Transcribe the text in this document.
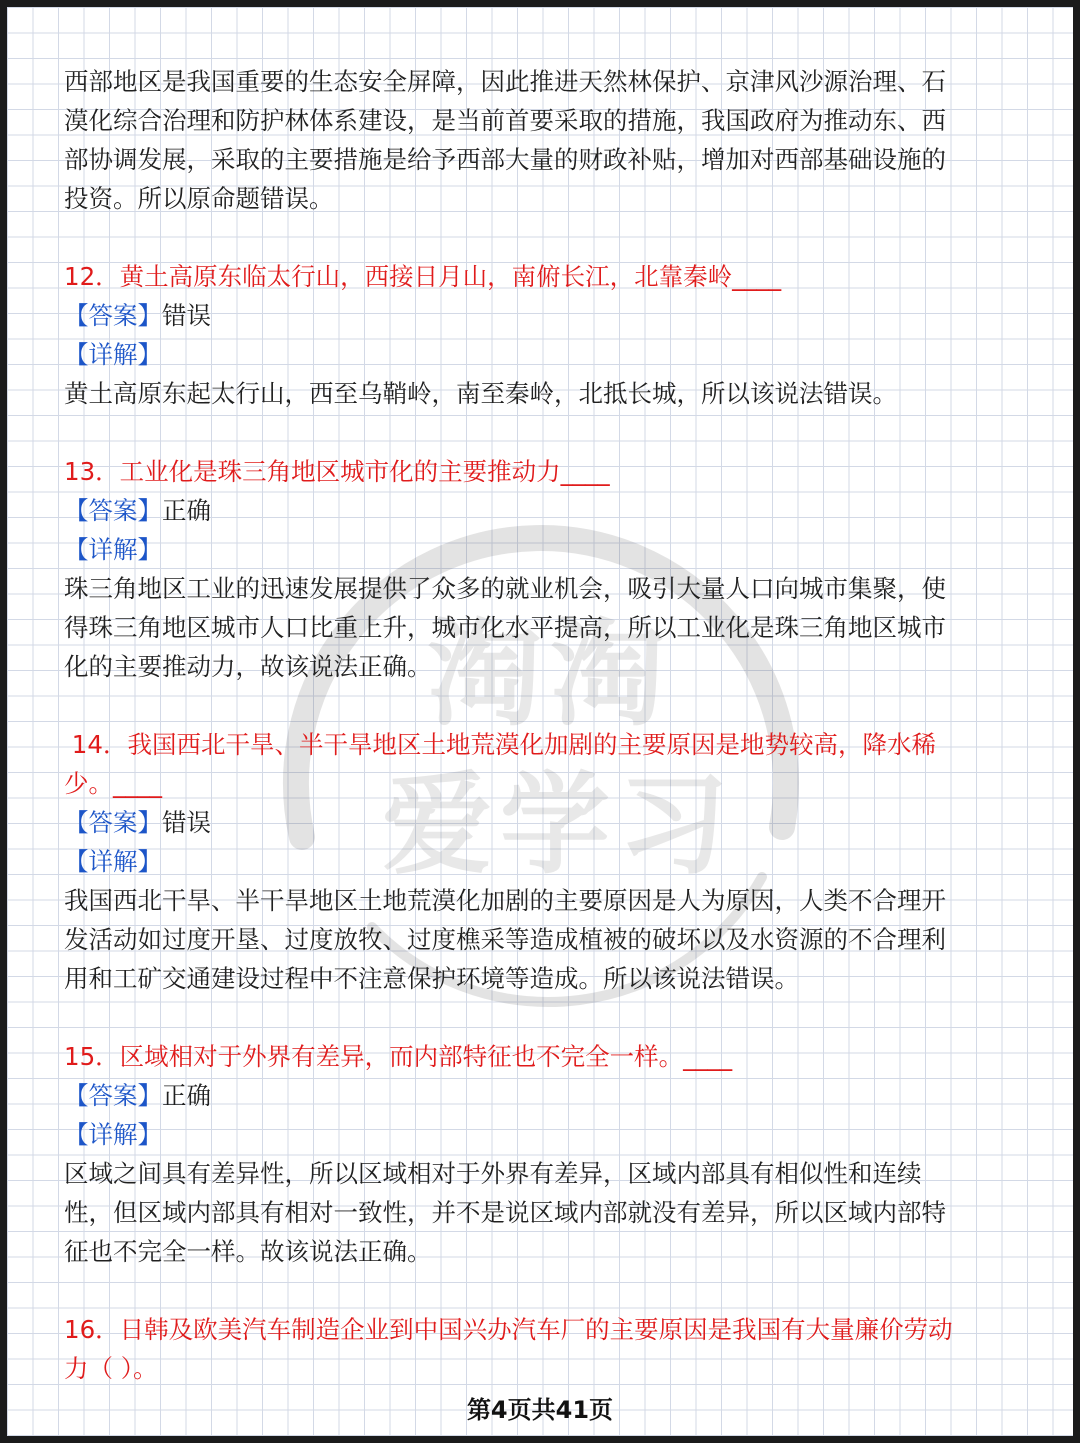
淘淘
爱学习
西部地区是我国重要的生态安全屏障，因此推进天然林保护、京津风沙源治理、石
漠化综合治理和防护林体系建设，是当前首要采取的措施，我国政府为推动东、西
部协调发展，采取的主要措施是给予西部大量的财政补贴，增加对西部基础设施的
投资。所以原命题错误。
12．黄土高原东临太行山，西接日月山，南俯长江，北靠秦岭____
【答案】错误
【详解】
黄土高原东起太行山，西至乌鞘岭，南至秦岭，北抵长城，所以该说法错误。
13．工业化是珠三角地区城市化的主要推动力____
【答案】正确
【详解】
珠三角地区工业的迅速发展提供了众多的就业机会，吸引大量人口向城市集聚，使
得珠三角地区城市人口比重上升，城市化水平提高，所以工业化是珠三角地区城市
化的主要推动力，故该说法正确。
14．我国西北干旱、半干旱地区土地荒漠化加剧的主要原因是地势较高，降水稀
少。____
【答案】错误
【详解】
我国西北干旱、半干旱地区土地荒漠化加剧的主要原因是人为原因，人类不合理开
发活动如过度开垦、过度放牧、过度樵采等造成植被的破坏以及水资源的不合理利
用和工矿交通建设过程中不注意保护环境等造成。所以该说法错误。
15．区域相对于外界有差异，而内部特征也不完全一样。____
【答案】正确
【详解】
区域之间具有差异性，所以区域相对于外界有差异，区域内部具有相似性和连续
性，但区域内部具有相对一致性，并不是说区域内部就没有差异，所以区域内部特
征也不完全一样。故该说法正确。
16．日韩及欧美汽车制造企业到中国兴办汽车厂的主要原因是我国有大量廉价劳动
力（ ）。
第4页共41页
